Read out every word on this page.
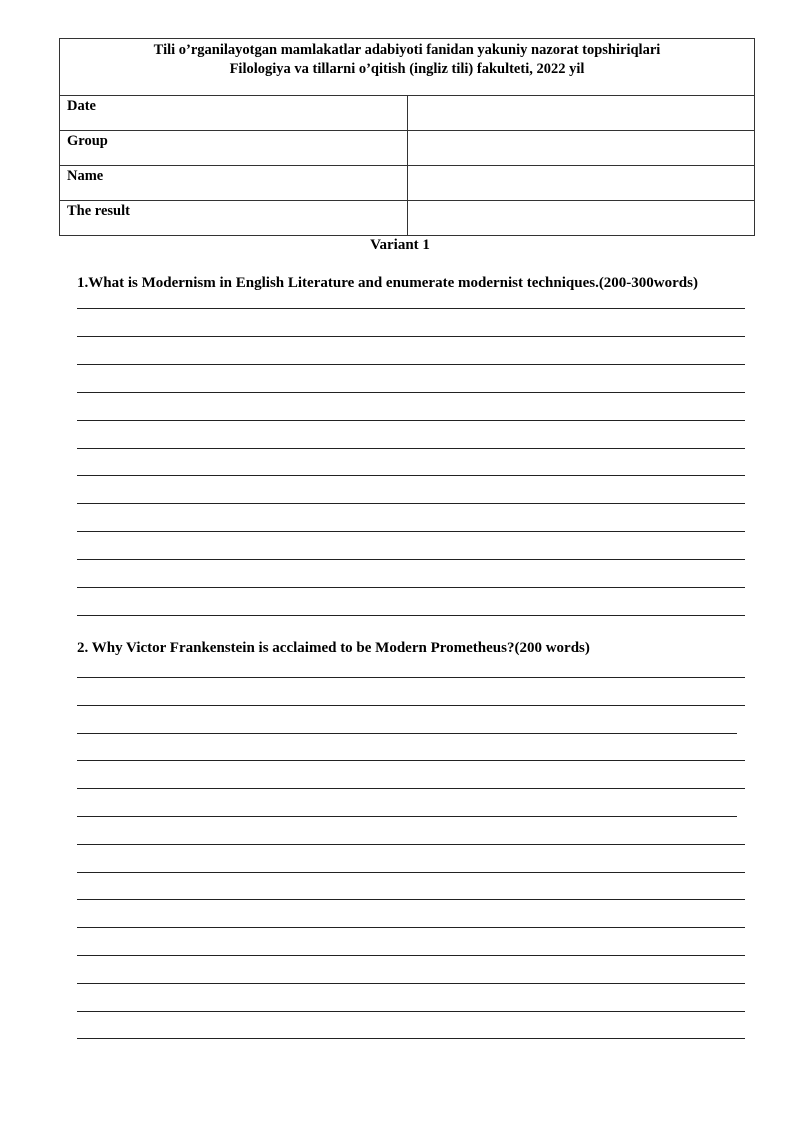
Tili o’rganilayotgan mamlakatlar adabiyoti fanidan yakuniy nazorat topshiriqlari
Filologiya va tillarni o’qitish (ingliz tili) fakulteti, 2022 yil	

Date	
Group	
Name	
The result	
Variant 1
1.What is Modernism in English Literature and enumerate modernist techniques.(200-300words)
2. Why Victor Frankenstein is acclaimed to be Modern Prometheus?(200 words)
